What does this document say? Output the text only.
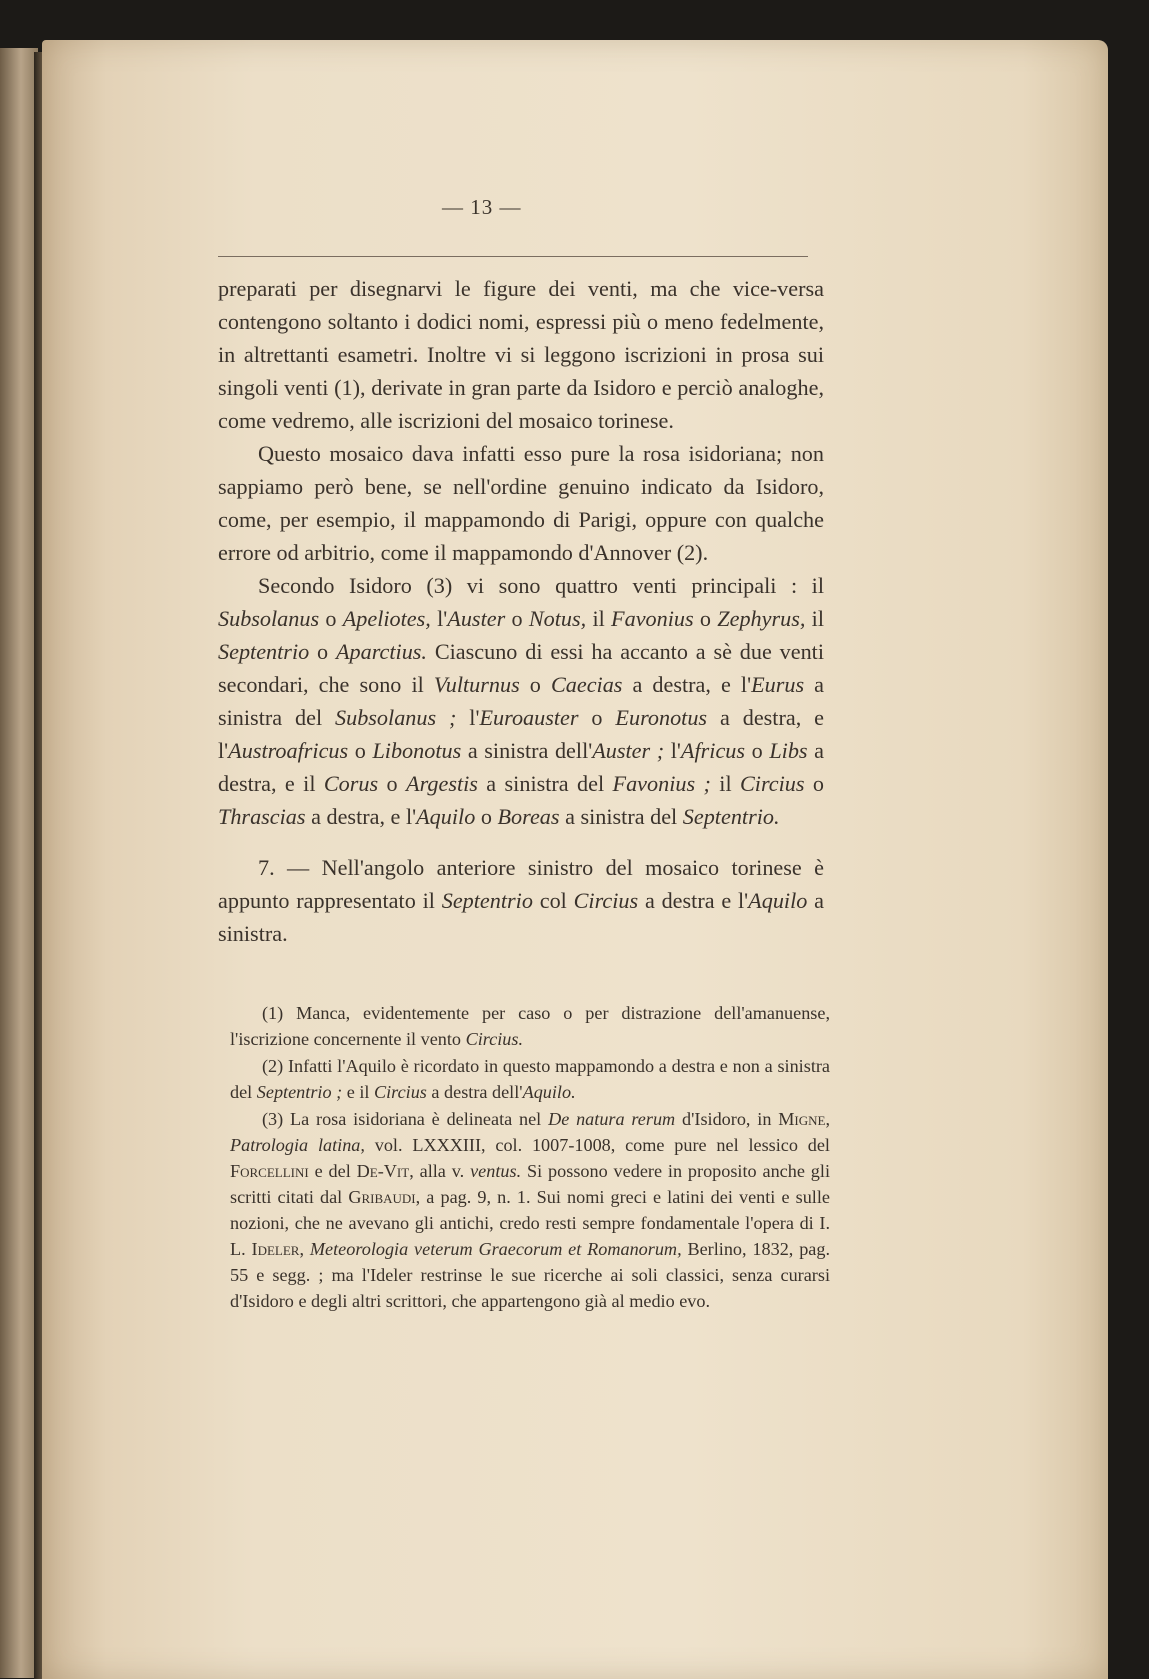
— 13 —

preparati per disegnarvi le figure dei venti, ma che vice-versa contengono soltanto i dodici nomi, espressi più o meno fedelmente, in altrettanti esametri. Inoltre vi si leggono iscrizioni in prosa sui singoli venti (1), derivate in gran parte da Isidoro e perciò analoghe, come vedremo, alle iscrizioni del mosaico torinese.

Questo mosaico dava infatti esso pure la rosa isidoriana; non sappiamo però bene, se nell'ordine genuino indicato da Isidoro, come, per esempio, il mappamondo di Parigi, oppure con qualche errore od arbitrio, come il mappamondo d'Annover (2).

Secondo Isidoro (3) vi sono quattro venti principali : il Subsolanus o Apeliotes, l'Auster o Notus, il Favonius o Zephyrus, il Septentrio o Aparctius. Ciascuno di essi ha accanto a sè due venti secondari, che sono il Vulturnus o Caecias a destra, e l'Eurus a sinistra del Subsolanus ; l'Euroauster o Euronotus a destra, e l'Austroafricus o Libonotus a sinistra dell'Auster ; l'Africus o Libs a destra, e il Corus o Argestis a sinistra del Favonius ; il Circius o Thrascias a destra, e l'Aquilo o Boreas a sinistra del Septentrio.

7. — Nell'angolo anteriore sinistro del mosaico torinese è appunto rappresentato il Septentrio col Circius a destra e l'Aquilo a sinistra.

(1) Manca, evidentemente per caso o per distrazione dell'amanuense, l'iscrizione concernente il vento Circius.

(2) Infatti l'Aquilo è ricordato in questo mappamondo a destra e non a sinistra del Septentrio ; e il Circius a destra dell'Aquilo.

(3) La rosa isidoriana è delineata nel De natura rerum d'Isidoro, in Migne, Patrologia latina, vol. LXXXIII, col. 1007-1008, come pure nel lessico del Forcellini e del De-Vit, alla v. ventus. Si possono vedere in proposito anche gli scritti citati dal Gribaudi, a pag. 9, n. 1. Sui nomi greci e latini dei venti e sulle nozioni, che ne avevano gli antichi, credo resti sempre fondamentale l'opera di I. L. Ideler, Meteorologia veterum Graecorum et Romanorum, Berlino, 1832, pag. 55 e segg. ; ma l'Ideler restrinse le sue ricerche ai soli classici, senza curarsi d'Isidoro e degli altri scrittori, che appartengono già al medio evo.
